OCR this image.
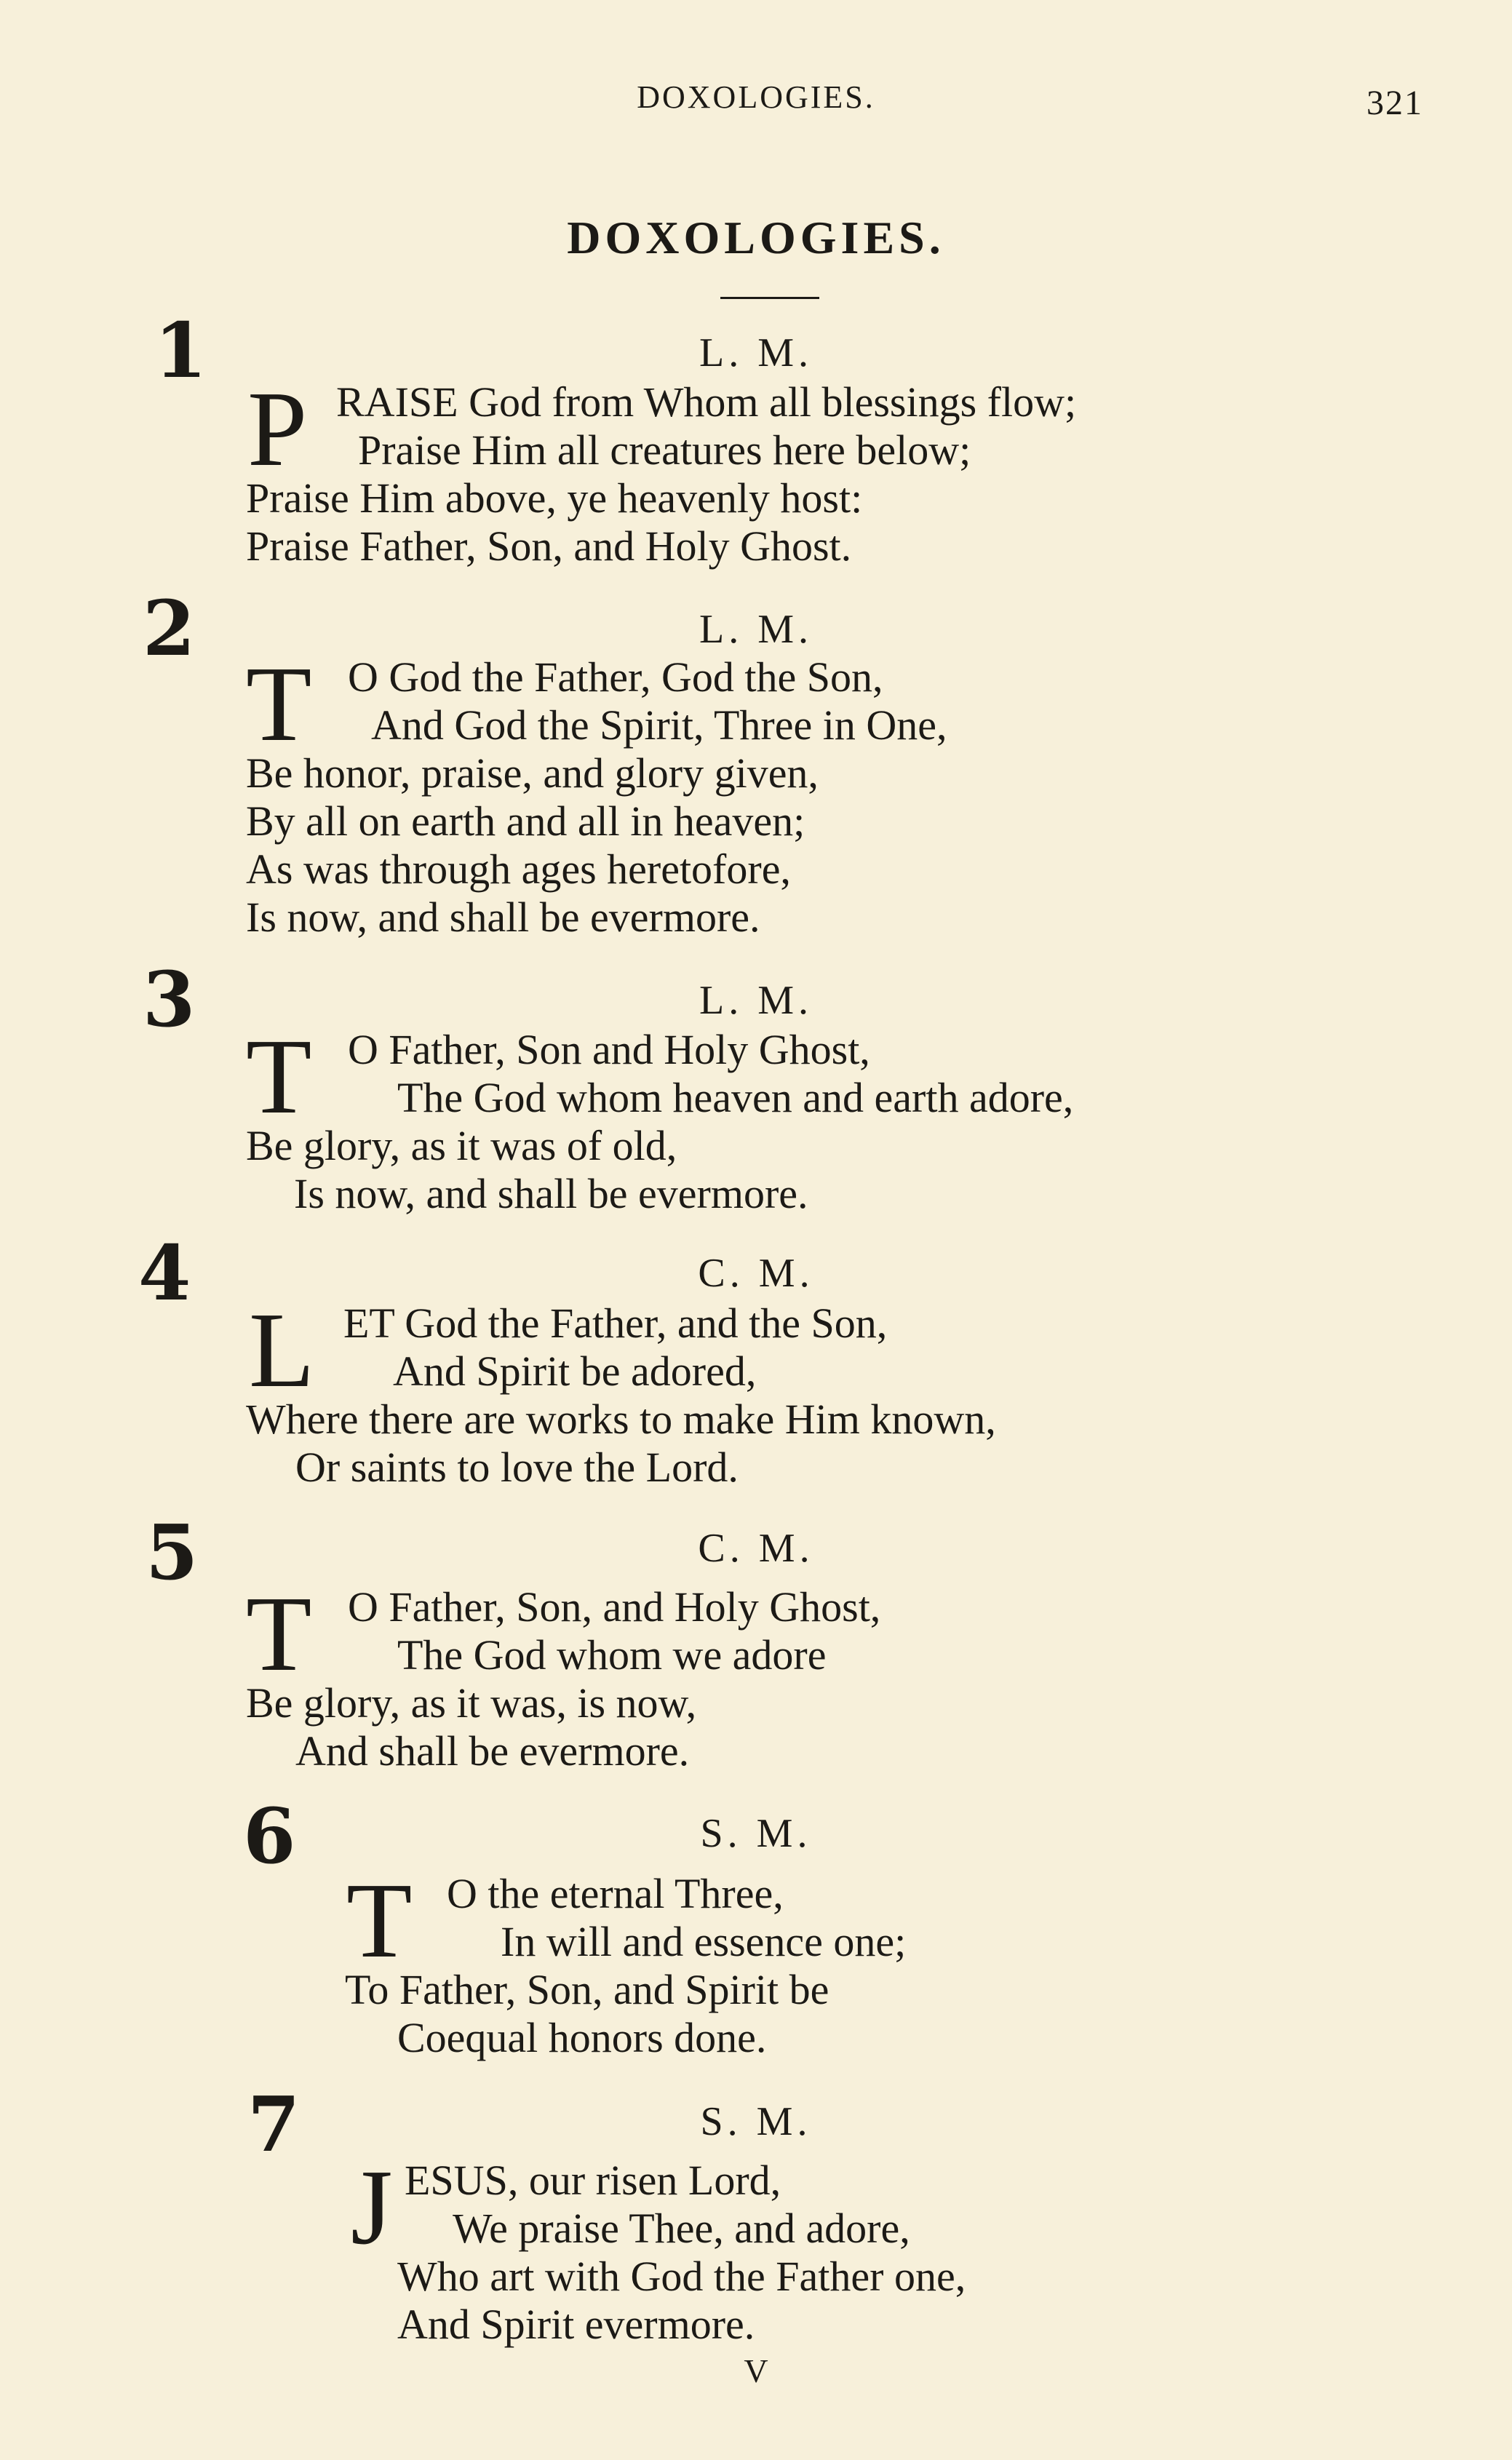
DOXOLOGIES.	321
DOXOLOGIES.
1	L. M.
P RAISE God from Whom all blessings flow;
Praise Him all creatures here below;
Praise Him above, ye heavenly host:
Praise Father, Son, and Holy Ghost.
2	L. M.
T O God the Father, God the Son,
And God the Spirit, Three in One,
Be honor, praise, and glory given,
By all on earth and all in heaven;
As was through ages heretofore,
Is now, and shall be evermore.
3	L. M.
T O Father, Son and Holy Ghost,
The God whom heaven and earth adore,
Be glory, as it was of old,
Is now, and shall be evermore.
4	C. M.
L ET God the Father, and the Son,
And Spirit be adored,
Where there are works to make Him known,
Or saints to love the Lord.
5	C. M.
T O Father, Son, and Holy Ghost,
The God whom we adore
Be glory, as it was, is now,
And shall be evermore.
6	S. M.
T O the eternal Three,
In will and essence one;
To Father, Son, and Spirit be
Coequal honors done.
7	S. M.
J ESUS, our risen Lord,
We praise Thee, and adore,
Who art with God the Father one,
And Spirit evermore.
V
